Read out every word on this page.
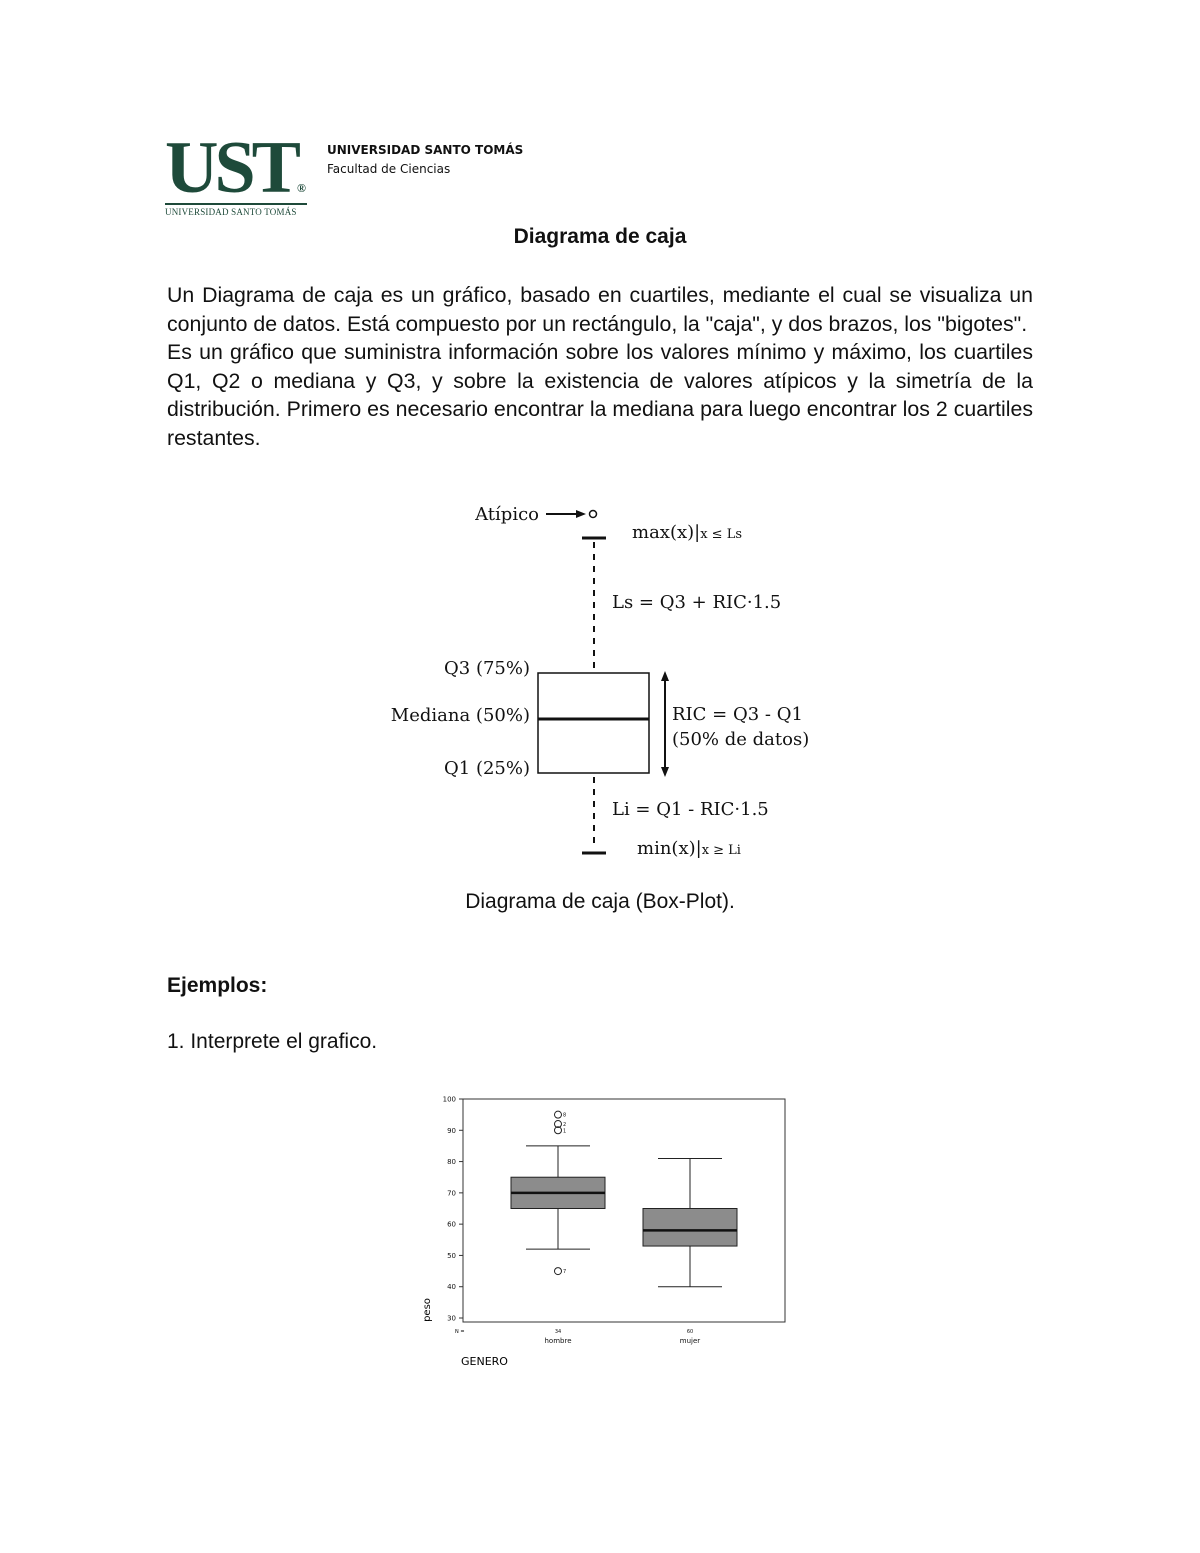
UST®
UNIVERSIDAD SANTO TOMÁS
UNIVERSIDAD SANTO TOMÁS
Facultad de Ciencias
Diagrama de caja

Un Diagrama de caja es un gráfico, basado en cuartiles, mediante el cual se visualiza un conjunto de datos. Está compuesto por un rectángulo, la "caja", y dos brazos, los "bigotes".

Es un gráfico que suministra información sobre los valores mínimo y máximo, los cuartiles Q1, Q2 o mediana y Q3, y sobre la existencia de valores atípicos y la simetría de la distribución. Primero es necesario encontrar la mediana para luego encontrar los 2 cuartiles restantes.

Atípico
max(x)|x ≤ Ls
Ls = Q3 + RIC·1.5
Q3 (75%)
Mediana (50%)
Q1 (25%)
RIC = Q3 - Q1
(50% de datos)
Li = Q1 - RIC·1.5
min(x)|x ≥ Li
Diagrama de caja (Box-Plot).
Ejemplos:
1. Interprete el grafico.
30
40
50
60
70
80
90
100
8
2
1
7
34
hombre
60
mujer
peso
GENERO
N =
